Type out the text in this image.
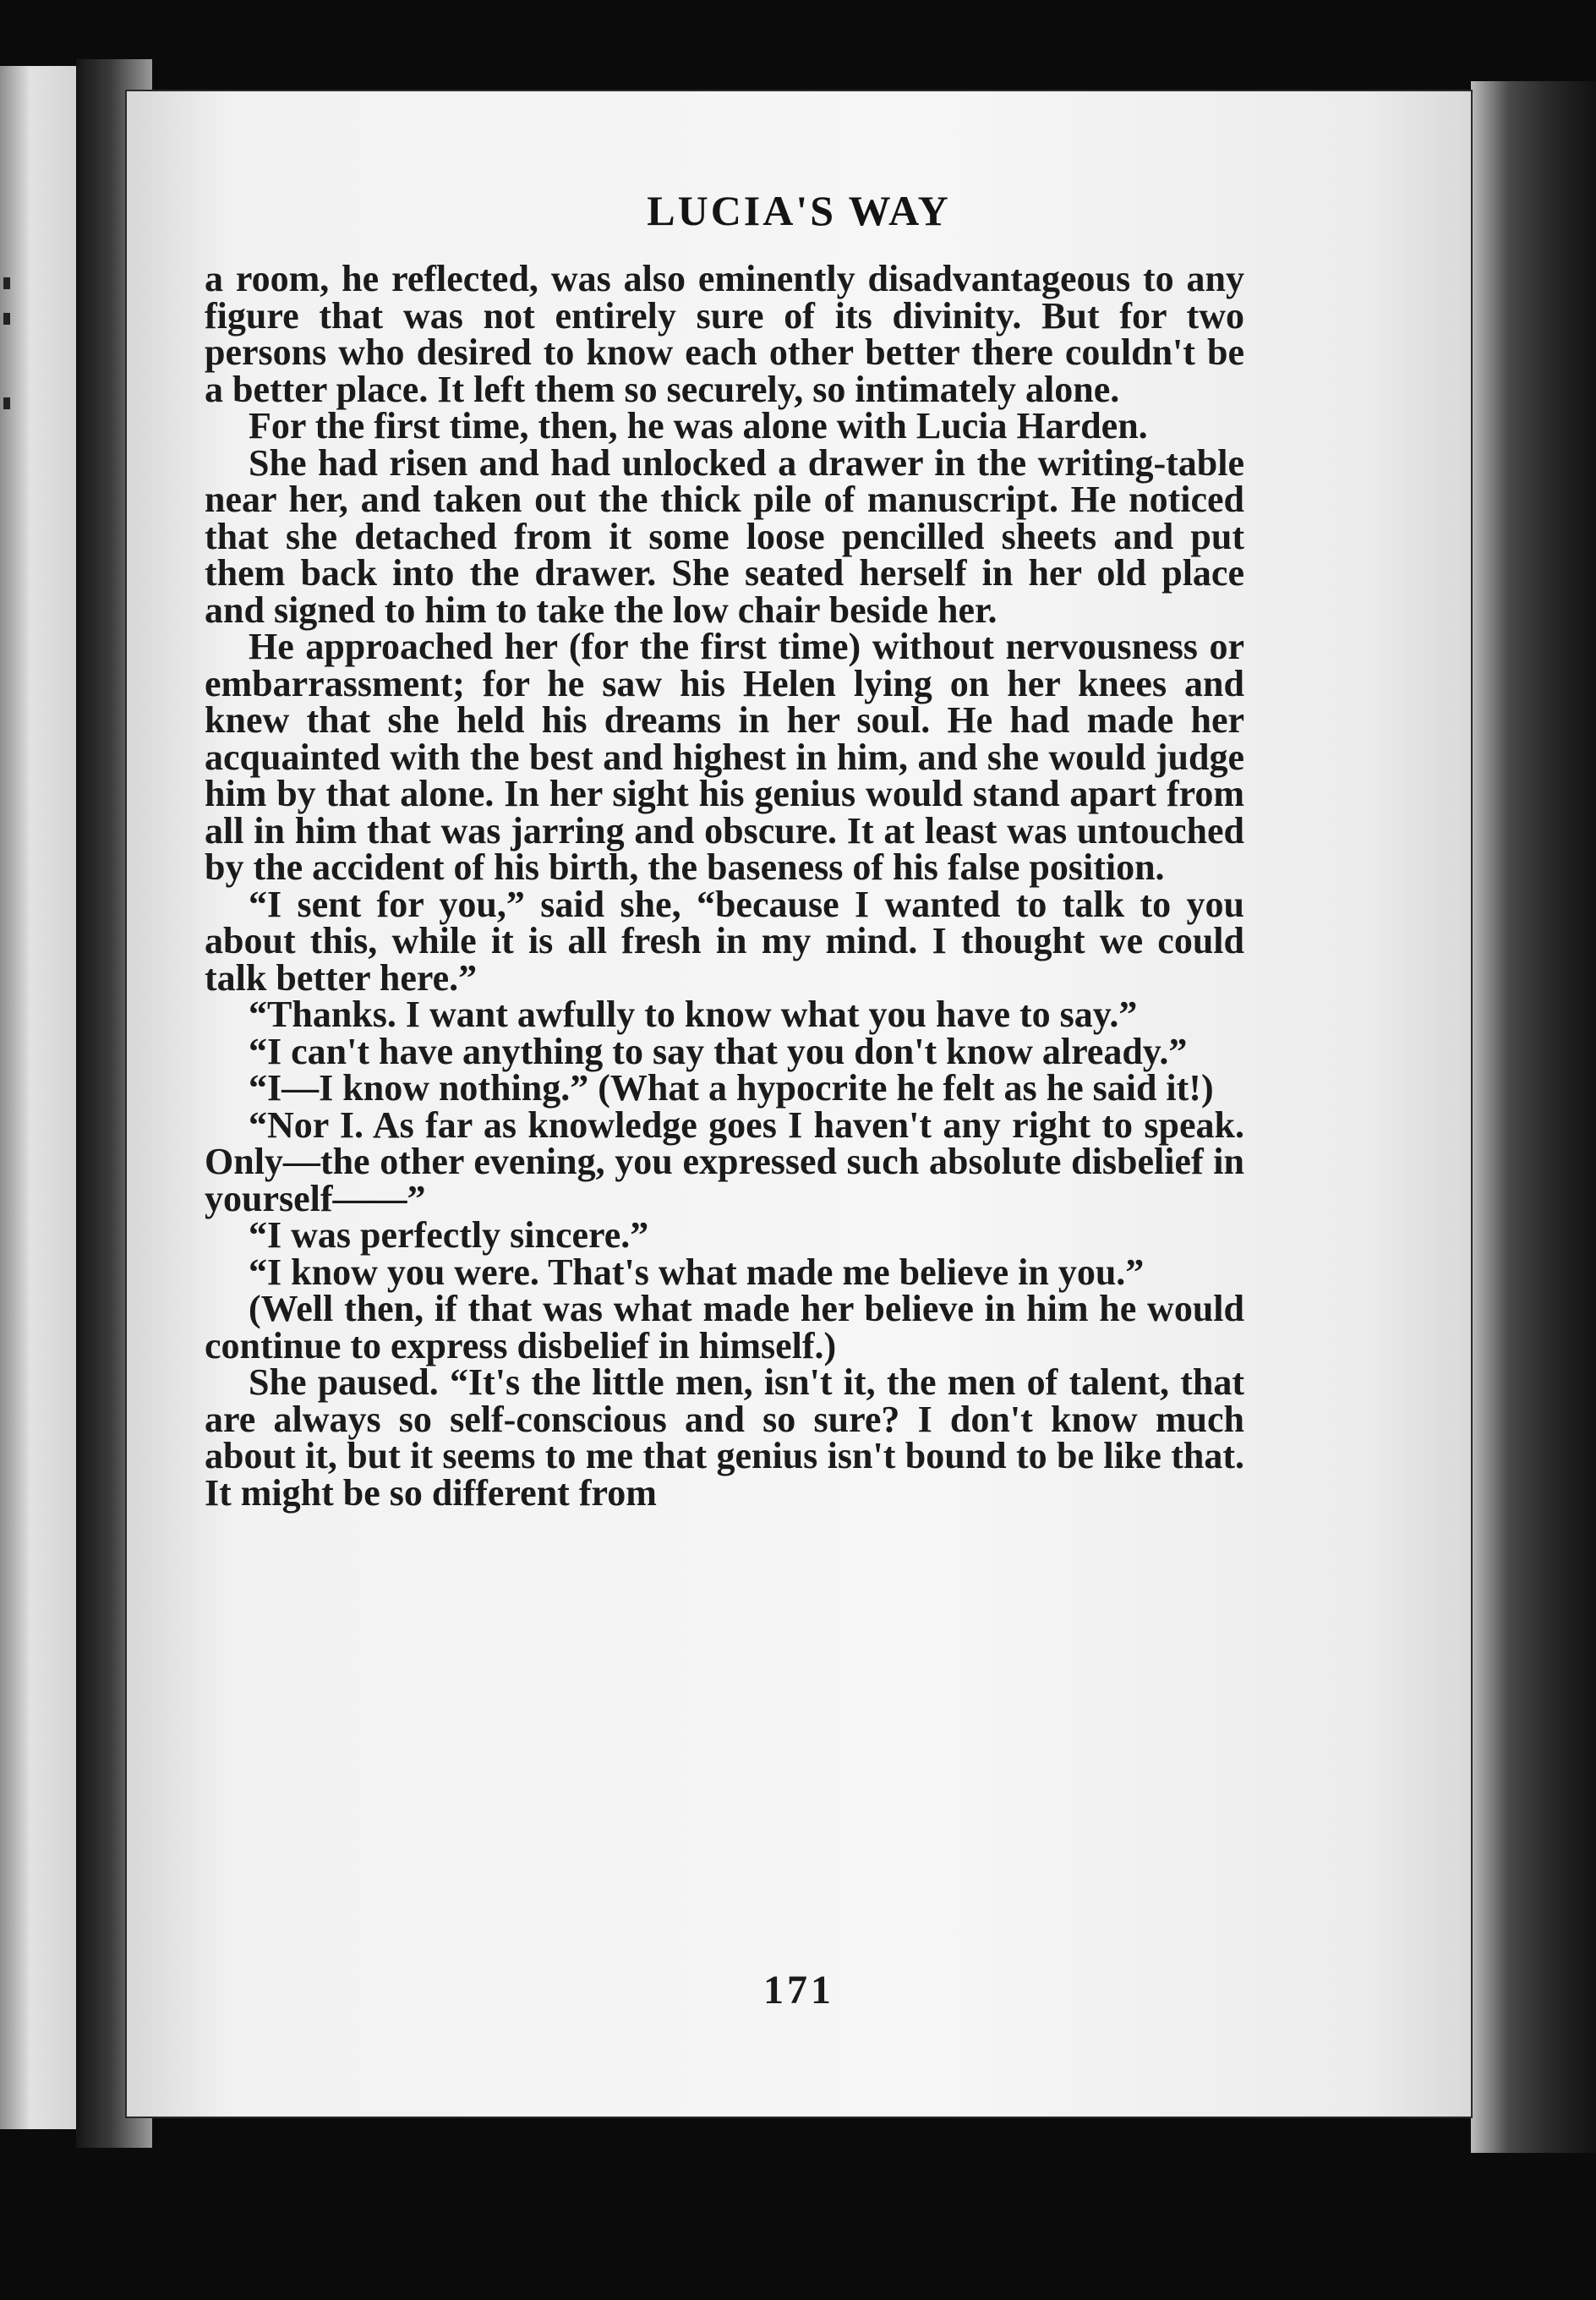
LUCIA'S WAY

a room, he reflected, was also eminently disadvantageous to any figure that was not entirely sure of its divinity. But for two persons who desired to know each other better there couldn't be a better place. It left them so securely, so intimately alone.

For the first time, then, he was alone with Lucia Harden.

She had risen and had unlocked a drawer in the writing-table near her, and taken out the thick pile of manuscript. He noticed that she detached from it some loose pencilled sheets and put them back into the drawer. She seated herself in her old place and signed to him to take the low chair beside her.

He approached her (for the first time) without nervousness or embarrassment; for he saw his Helen lying on her knees and knew that she held his dreams in her soul. He had made her acquainted with the best and highest in him, and she would judge him by that alone. In her sight his genius would stand apart from all in him that was jarring and obscure. It at least was untouched by the accident of his birth, the baseness of his false position.

“I sent for you,” said she, “because I wanted to talk to you about this, while it is all fresh in my mind. I thought we could talk better here.”

“Thanks. I want awfully to know what you have to say.”

“I can't have anything to say that you don't know already.”

“I—I know nothing.” (What a hypocrite he felt as he said it!)

“Nor I. As far as knowledge goes I haven't any right to speak. Only—the other evening, you expressed such absolute disbelief in yourself——”

“I was perfectly sincere.”

“I know you were. That's what made me believe in you.”

(Well then, if that was what made her believe in him he would continue to express disbelief in himself.)

She paused. “It's the little men, isn't it, the men of talent, that are always so self-conscious and so sure? I don't know much about it, but it seems to me that genius isn't bound to be like that. It might be so different from

171
